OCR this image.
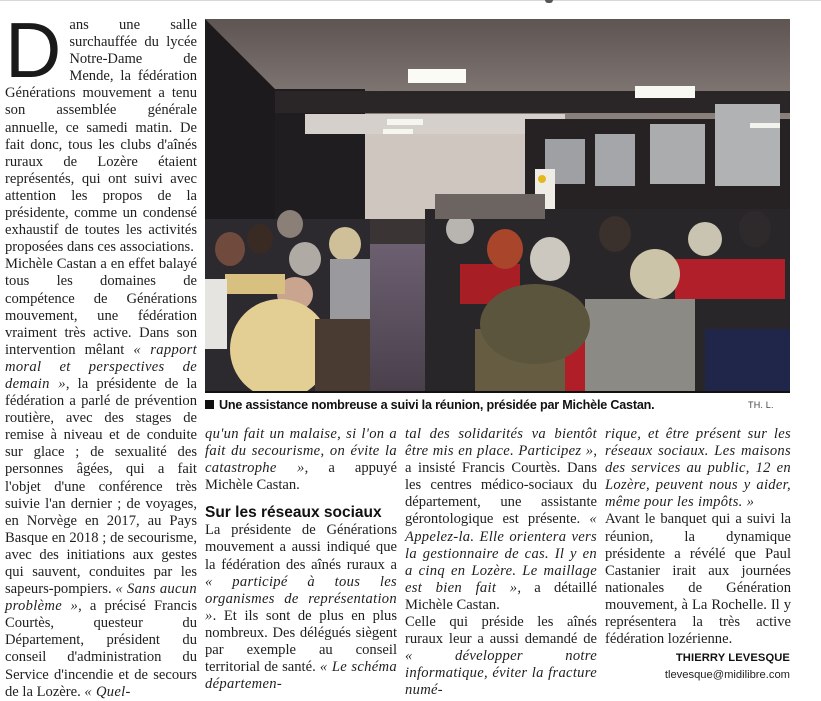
Dans une salle surchauffée du lycée Notre-Dame de Mende, la fédération Générations mouvement a tenu son assemblée générale annuelle, ce samedi matin. De fait donc, tous les clubs d'aînés ruraux de Lozère étaient représentés, qui ont suivi avec attention les propos de la présidente, comme un condensé exhaustif de toutes les activités proposées dans ces associations.

Michèle Castan a en effet balayé tous les domaines de compétence de Générations mouvement, une fédération vraiment très active. Dans son intervention mêlant « rapport moral et perspectives de demain », la présidente de la fédération a parlé de prévention routière, avec des stages de remise à niveau et de conduite sur glace ; de sexualité des personnes âgées, qui a fait l'objet d'une conférence très suivie l'an dernier ; de voyages, en Norvège en 2017, au Pays Basque en 2018 ; de secourisme, avec des initiations aux gestes qui sauvent, conduites par les sapeurs-pompiers. « Sans aucun problème », a précisé Francis Courtès, questeur du Département, président du conseil d'administration du Service d'incendie et de secours de la Lozère. « Quel-

Une assistance nombreuse a suivi la réunion, présidée par Michèle Castan.	TH. L.

qu'un fait un malaise, si l'on a fait du secourisme, on évite la catastrophe », a appuyé Michèle Castan.

Sur les réseaux sociaux

La présidente de Générations mouvement a aussi indiqué que la fédération des aînés ruraux a « participé à tous les organismes de représentation ». Et ils sont de plus en plus nombreux. Des délégués siègent par exemple au conseil territorial de santé. « Le schéma départemen-

tal des solidarités va bientôt être mis en place. Participez », a insisté Francis Courtès. Dans les centres médico-sociaux du département, une assistante gérontologique est présente. « Appelez-la. Elle orientera vers la gestionnaire de cas. Il y en a cinq en Lozère. Le maillage est bien fait », a détaillé Michèle Castan.

Celle qui préside les aînés ruraux leur a aussi demandé de « développer notre informatique, éviter la fracture numé-

rique, et être présent sur les réseaux sociaux. Les maisons des services au public, 12 en Lozère, peuvent nous y aider, même pour les impôts. »

Avant le banquet qui a suivi la réunion, la dynamique présidente a révélé que Paul Castanier irait aux journées nationales de Génération mouvement, à La Rochelle. Il y représentera la très active fédération lozérienne.

THIERRY LEVESQUE
tlevesque@midilibre.com
